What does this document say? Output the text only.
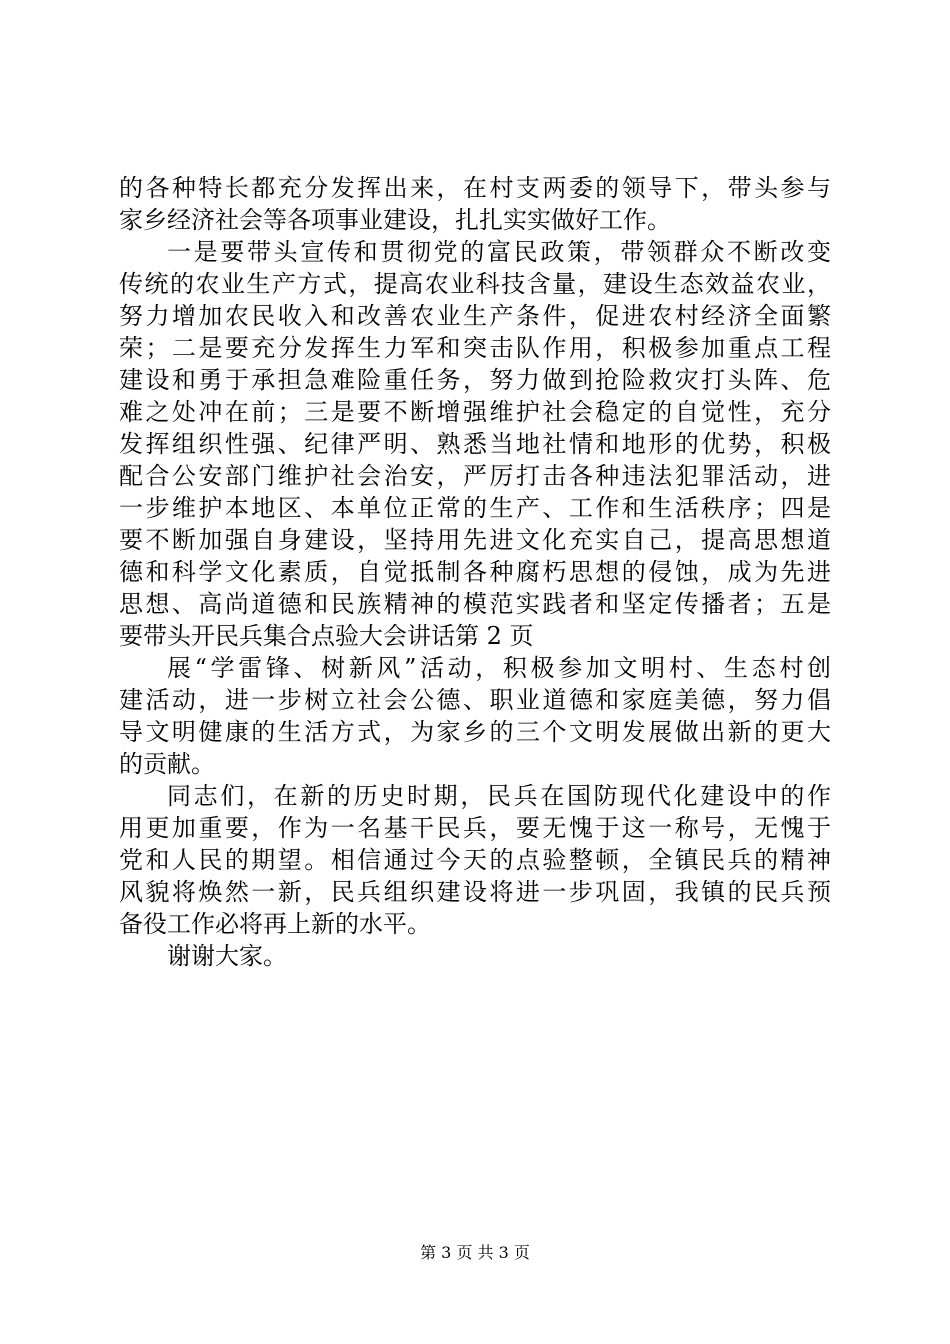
的各种特长都充分发挥出来，在村支两委的领导下，带头参与
家乡经济社会等各项事业建设，扎扎实实做好工作。
一是要带头宣传和贯彻党的富民政策，带领群众不断改变
传统的农业生产方式，提高农业科技含量，建设生态效益农业，
努力增加农民收入和改善农业生产条件，促进农村经济全面繁
荣；二是要充分发挥生力军和突击队作用，积极参加重点工程
建设和勇于承担急难险重任务，努力做到抢险救灾打头阵、危
难之处冲在前；三是要不断增强维护社会稳定的自觉性，充分
发挥组织性强、纪律严明、熟悉当地社情和地形的优势，积极
配合公安部门维护社会治安，严厉打击各种违法犯罪活动，进
一步维护本地区、本单位正常的生产、工作和生活秩序；四是
要不断加强自身建设，坚持用先进文化充实自己，提高思想道
德和科学文化素质，自觉抵制各种腐朽思想的侵蚀，成为先进
思想、高尚道德和民族精神的模范实践者和坚定传播者；五是
要带头开民兵集合点验大会讲话第 2 页
展“学雷锋、树新风”活动，积极参加文明村、生态村创
建活动，进一步树立社会公德、职业道德和家庭美德，努力倡
导文明健康的生活方式，为家乡的三个文明发展做出新的更大
的贡献。
同志们，在新的历史时期，民兵在国防现代化建设中的作
用更加重要，作为一名基干民兵，要无愧于这一称号，无愧于
党和人民的期望。相信通过今天的点验整顿，全镇民兵的精神
风貌将焕然一新，民兵组织建设将进一步巩固，我镇的民兵预
备役工作必将再上新的水平。
谢谢大家。
第 3 页 共 3 页
